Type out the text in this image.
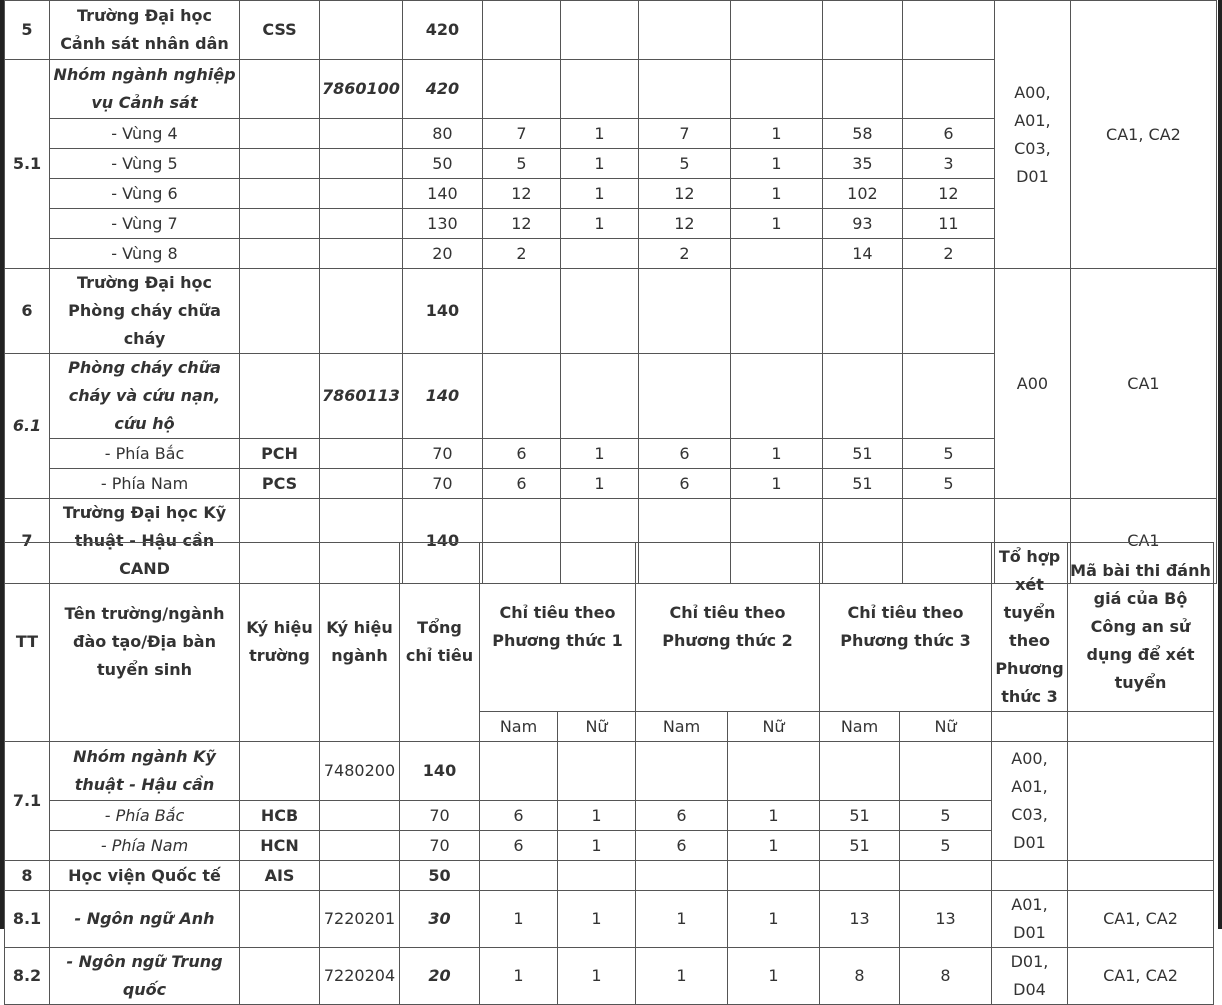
5	Trường Đại học Cảnh sát nhân dân	CSS		420							A00, A01, C03, D01	CA1, CA2
5.1	Nhóm ngành nghiệp vụ Cảnh sát		7860100	420								
	- Vùng 4			80	7	1	7	1	58	6		
	- Vùng 5			50	5	1	5	1	35	3		
	- Vùng 6			140	12	1	12	1	102	12		
	- Vùng 7			130	12	1	12	1	93	11		
	- Vùng 8			20	2		2		14	2		
6	Trường Đại học Phòng cháy chữa cháy			140							A00	CA1
6.1	Phòng cháy chữa cháy và cứu nạn, cứu hộ		7860113	140								
	- Phía Bắc	PCH		70	6	1	6	1	51	5		
	- Phía Nam	PCS		70	6	1	6	1	51	5		
7	Trường Đại học Kỹ thuật - Hậu cần CAND			140								CA1
TT	Tên trường/ngành đào tạo/Địa bàn tuyển sinh	Ký hiệu trường	Ký hiệu ngành	Tổng chỉ tiêu	Chỉ tiêu theo Phương thức 1		Chỉ tiêu theo Phương thức 2		Chỉ tiêu theo Phương thức 3		Tổ hợp xét tuyển theo Phương thức 3	Mã bài thi đánh giá của Bộ Công an sử dụng để xét tuyển
					Nam	Nữ	Nam	Nữ	Nam	Nữ		
7.1	Nhóm ngành Kỹ thuật - Hậu cần		7480200	140							A00, A01, C03, D01	
	- Phía Bắc	HCB		70	6	1	6	1	51	5		
	- Phía Nam	HCN		70	6	1	6	1	51	5		
8	Học viện Quốc tế	AIS		50								
8.1	- Ngôn ngữ Anh		7220201	30	1	1	1	1	13	13	A01, D01	CA1, CA2
8.2	- Ngôn ngữ Trung quốc		7220204	20	1	1	1	1	8	8	D01, D04	CA1, CA2
